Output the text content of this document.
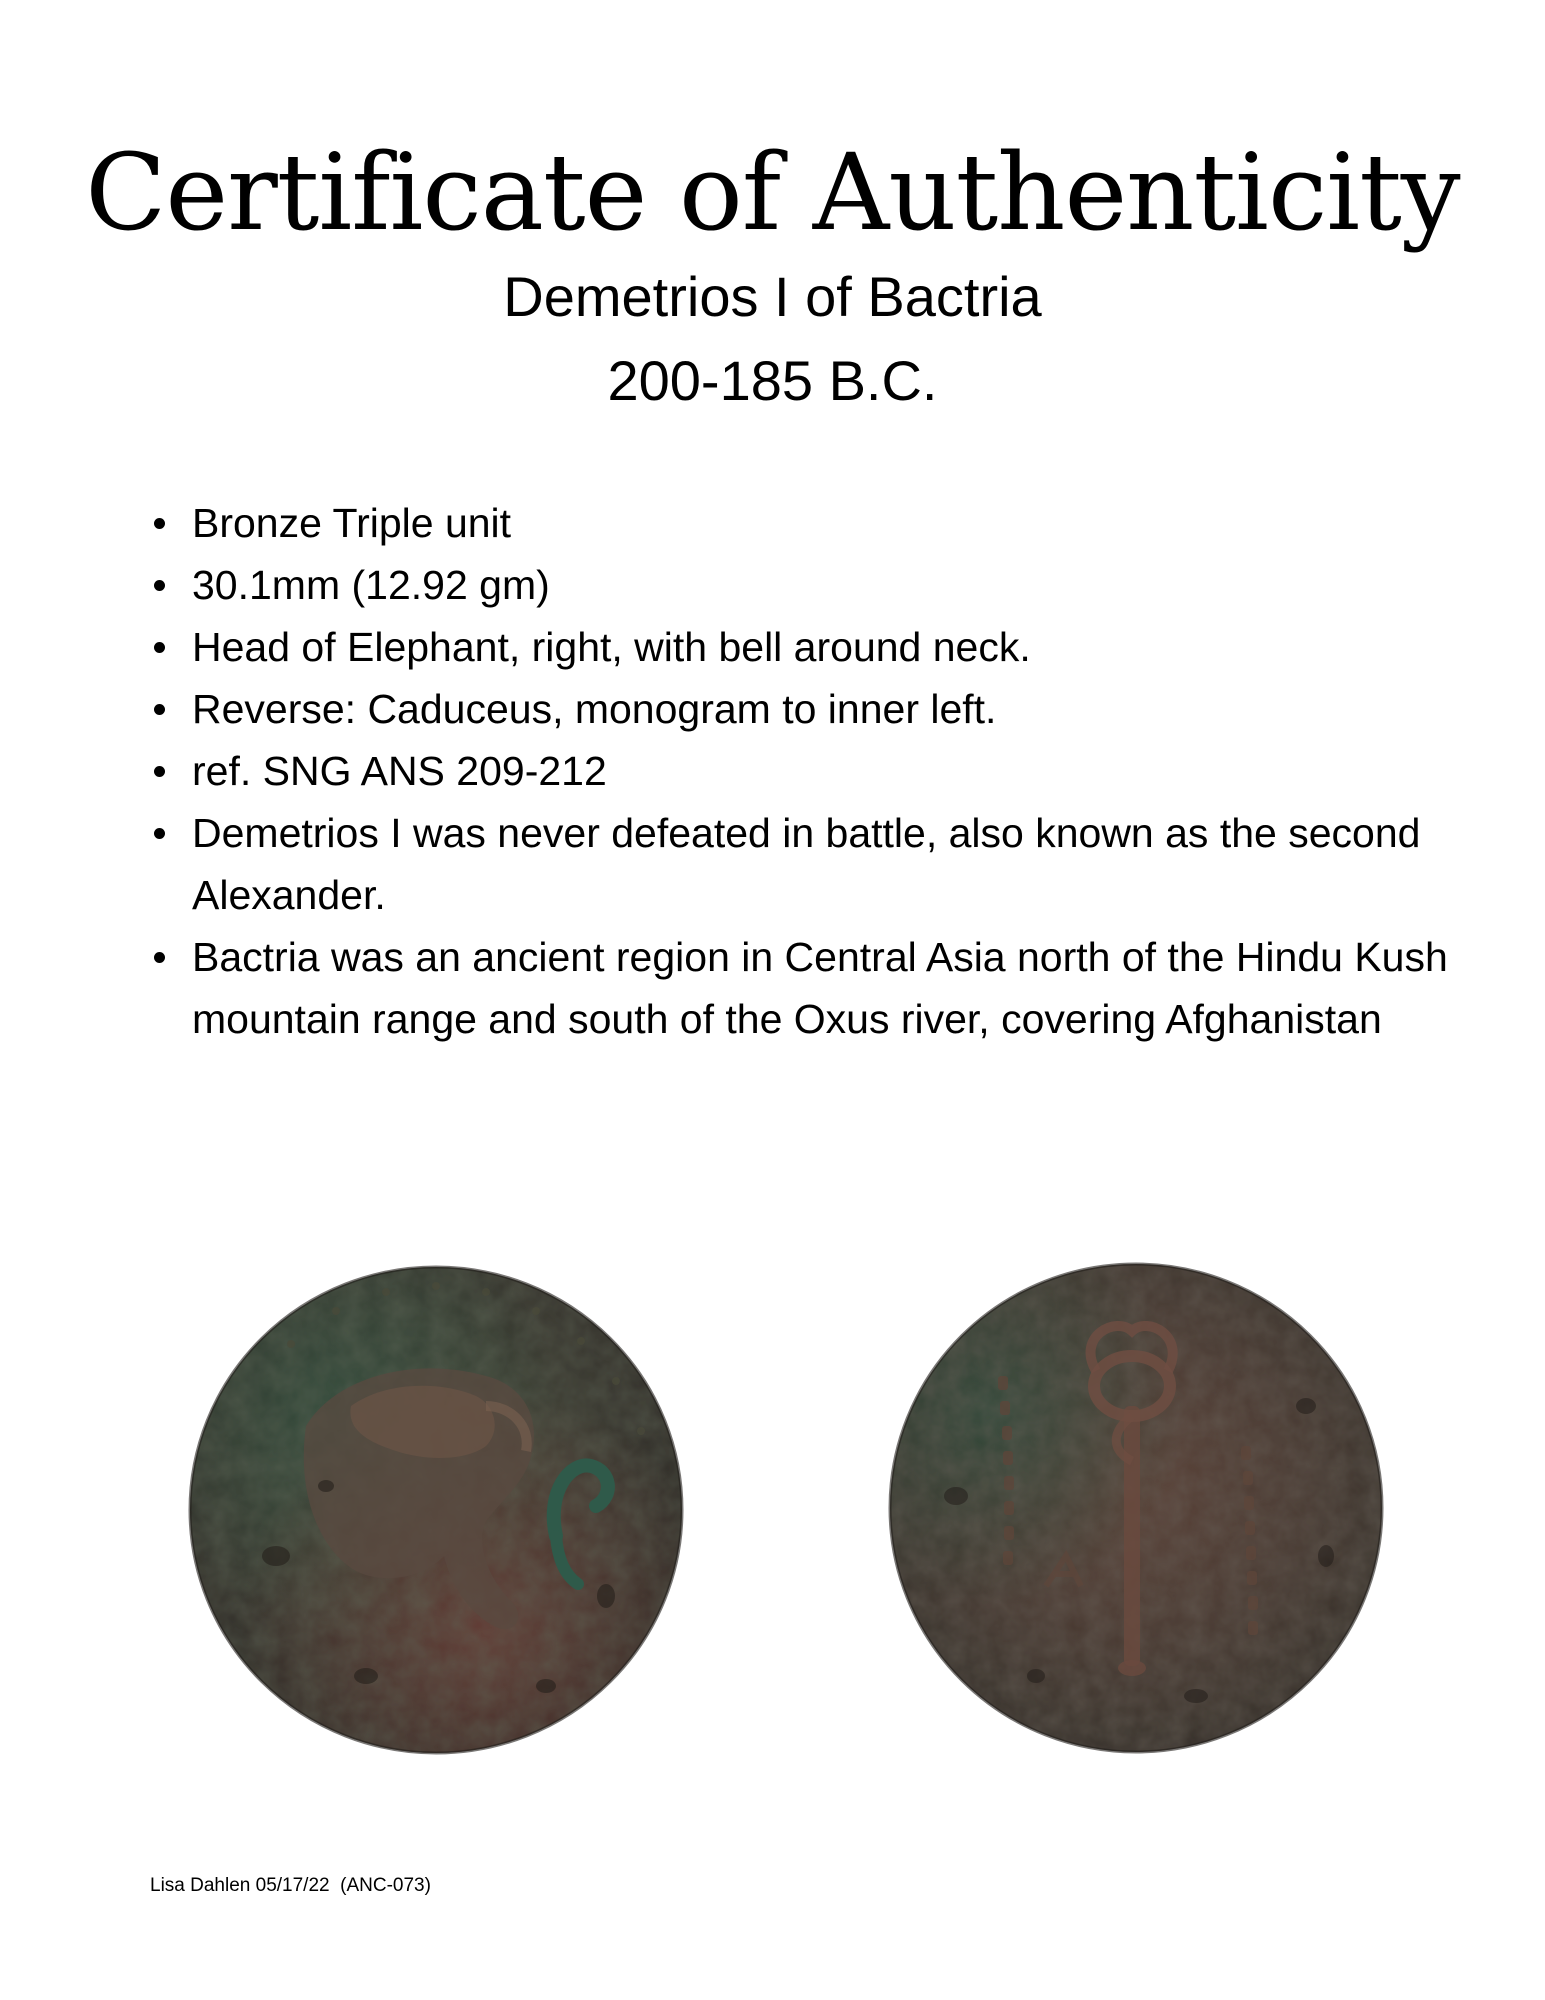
Certificate of Authenticity

Demetrios I of Bactria

200-185 B.C.

Bronze Triple unit
30.1mm (12.92 gm)
Head of Elephant, right, with bell around neck.
Reverse: Caduceus, monogram to inner left.
ref. SNG ANS 209-212
Demetrios I was never defeated in battle, also known as the second Alexander.
Bactria was an ancient region in Central Asia north of the Hindu Kush mountain range and south of the Oxus river, covering Afghanistan

Lisa Dahlen 05/17/22  (ANC-073)
